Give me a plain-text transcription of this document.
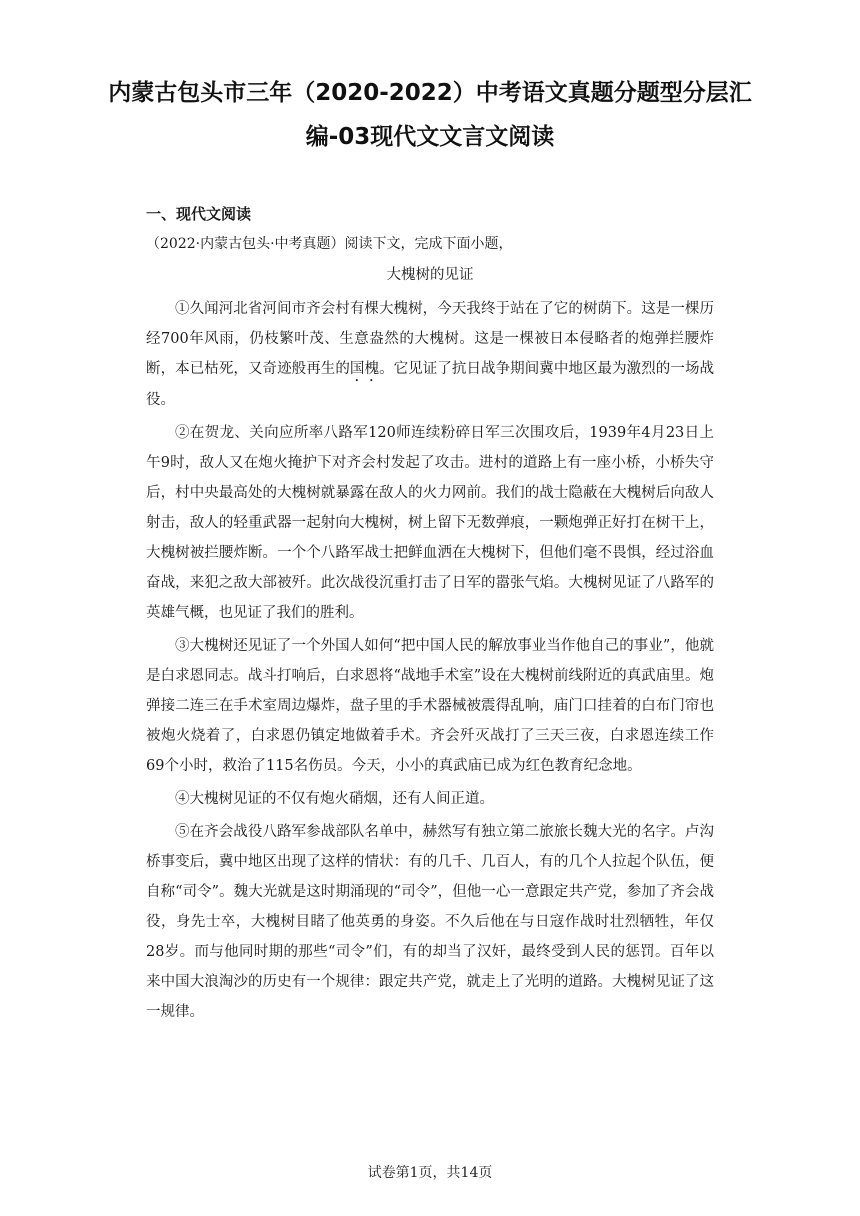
内蒙古包头市三年（2020-2022）中考语文真题分题型分层汇
编-03现代文文言文阅读
一、现代文阅读
（2022·内蒙古包头·中考真题）阅读下文，完成下面小题，
大槐树的见证

①久闻河北省河间市齐会村有棵大槐树，今天我终于站在了它的树荫下。这是一棵历经700年风雨，仍枝繁叶茂、生意盎然的大槐树。这是一棵被日本侵略者的炮弹拦腰炸断，本已枯死，又奇迹般再生的国槐。它见证了抗日战争期间冀中地区最为激烈的一场战役。

②在贺龙、关向应所率八路军120师连续粉碎日军三次围攻后，1939年4月23日上午9时，敌人又在炮火掩护下对齐会村发起了攻击。进村的道路上有一座小桥，小桥失守后，村中央最高处的大槐树就暴露在敌人的火力网前。我们的战士隐蔽在大槐树后向敌人射击，敌人的轻重武器一起射向大槐树，树上留下无数弹痕，一颗炮弹正好打在树干上，大槐树被拦腰炸断。一个个八路军战士把鲜血洒在大槐树下，但他们毫不畏惧，经过浴血奋战，来犯之敌大部被歼。此次战役沉重打击了日军的嚣张气焰。大槐树见证了八路军的英雄气概，也见证了我们的胜利。

③大槐树还见证了一个外国人如何“把中国人民的解放事业当作他自己的事业”，他就是白求恩同志。战斗打响后，白求恩将“战地手术室”设在大槐树前线附近的真武庙里。炮弹接二连三在手术室周边爆炸，盘子里的手术器械被震得乱响，庙门口挂着的白布门帘也被炮火烧着了，白求恩仍镇定地做着手术。齐会歼灭战打了三天三夜，白求恩连续工作69个小时，救治了115名伤员。今天，小小的真武庙已成为红色教育纪念地。

④大槐树见证的不仅有炮火硝烟，还有人间正道。

⑤在齐会战役八路军参战部队名单中，赫然写有独立第二旅旅长魏大光的名字。卢沟桥事变后，冀中地区出现了这样的情状：有的几千、几百人，有的几个人拉起个队伍，便自称“司令”。魏大光就是这时期涌现的“司令”，但他一心一意跟定共产党，参加了齐会战役，身先士卒，大槐树目睹了他英勇的身姿。不久后他在与日寇作战时壮烈牺牲，年仅28岁。而与他同时期的那些“司令”们，有的却当了汉奸，最终受到人民的惩罚。百年以来中国大浪淘沙的历史有一个规律：跟定共产党，就走上了光明的道路。大槐树见证了这一规律。

试卷第1页，共14页
